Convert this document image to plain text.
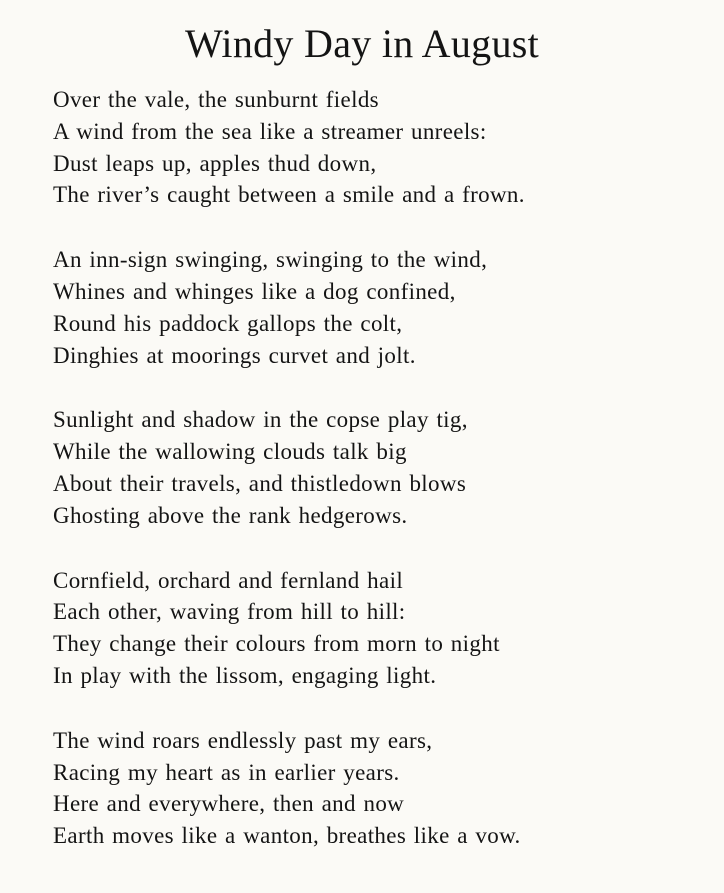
Windy Day in August
Over the vale, the sunburnt fields
A wind from the sea like a streamer unreels:
Dust leaps up, apples thud down,
The river’s caught between a smile and a frown.
An inn-sign swinging, swinging to the wind,
Whines and whinges like a dog confined,
Round his paddock gallops the colt,
Dinghies at moorings curvet and jolt.
Sunlight and shadow in the copse play tig,
While the wallowing clouds talk big
About their travels, and thistledown blows
Ghosting above the rank hedgerows.
Cornfield, orchard and fernland hail
Each other, waving from hill to hill:
They change their colours from morn to night
In play with the lissom, engaging light.
The wind roars endlessly past my ears,
Racing my heart as in earlier years.
Here and everywhere, then and now
Earth moves like a wanton, breathes like a vow.
